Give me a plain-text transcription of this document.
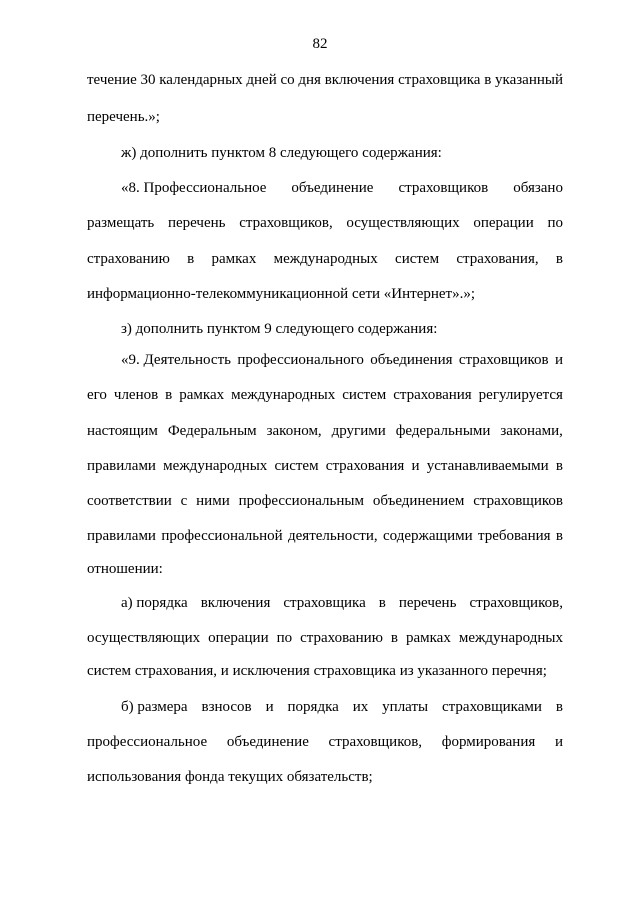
82
течение 30 календарных дней со дня включения страховщика в указанный
перечень.»;
ж) дополнить пунктом 8 следующего содержания:
«8. Профессиональное объединение страховщиков обязано
размещать перечень страховщиков, осуществляющих операции по
страхованию в рамках международных систем страхования, в
информационно-телекоммуникационной сети «Интернет».»;
з) дополнить пунктом 9 следующего содержания:
«9. Деятельность профессионального объединения страховщиков и
его членов в рамках международных систем страхования регулируется
настоящим Федеральным законом, другими федеральными законами,
правилами международных систем страхования и устанавливаемыми в
соответствии с ними профессиональным объединением страховщиков
правилами профессиональной деятельности, содержащими требования в
отношении:
а) порядка включения страховщика в перечень страховщиков,
осуществляющих операции по страхованию в рамках международных
систем страхования, и исключения страховщика из указанного перечня;
б) размера взносов и порядка их уплаты страховщиками в
профессиональное объединение страховщиков, формирования и
использования фонда текущих обязательств;
